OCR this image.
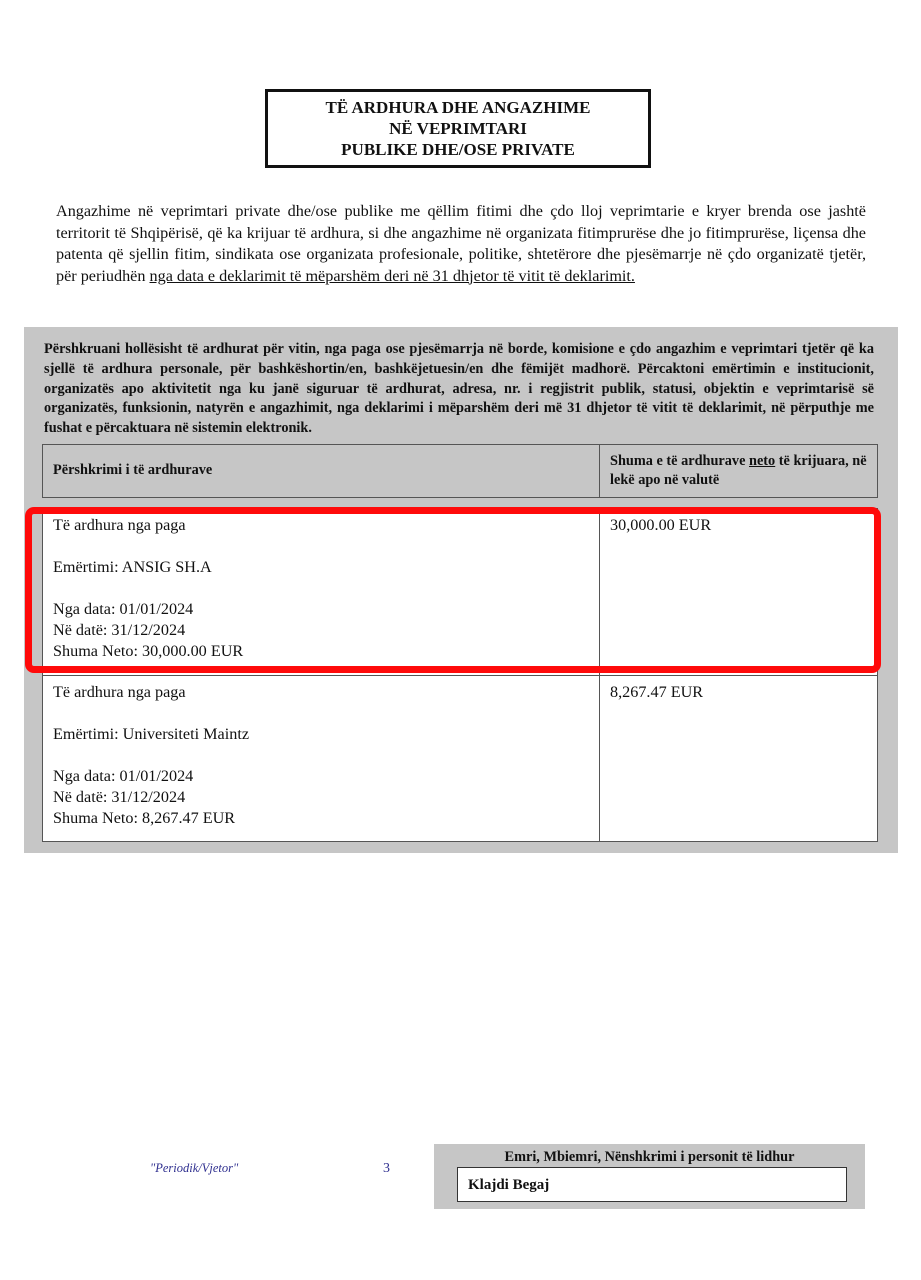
TË ARDHURA DHE ANGAZHIME
NË VEPRIMTARI
PUBLIKE DHE/OSE PRIVATE

Angazhime në veprimtari private dhe/ose publike me qëllim fitimi dhe çdo lloj veprimtarie e kryer brenda ose jashtë territorit të Shqipërisë, që ka krijuar të ardhura, si dhe angazhime në organizata fitimprurëse dhe jo fitimprurëse, liçensa dhe patenta që sjellin fitim, sindikata ose organizata profesionale, politike, shtetërore dhe pjesëmarrje në çdo organizatë tjetër, për periudhën nga data e deklarimit të mëparshëm deri në 31 dhjetor të vitit të deklarimit.

Përshkruani hollësisht të ardhurat për vitin, nga paga ose pjesëmarrja në borde, komisione e çdo angazhim e veprimtari tjetër që ka sjellë të ardhura personale, për bashkëshortin/en, bashkëjetuesin/en dhe fëmijët madhorë. Përcaktoni emërtimin e institucionit, organizatës apo aktivitetit nga ku janë siguruar të ardhurat, adresa, nr. i regjistrit publik, statusi, objektin e veprimtarisë së organizatës, funksionin, natyrën e angazhimit, nga deklarimi i mëparshëm deri më 31 dhjetor të vitit të deklarimit, në përputhje me fushat e përcaktuara në sistemin elektronik.

Përshkrimi i të ardhurave
Shuma e të ardhurave neto të krijuara, në lekë apo në valutë

Të ardhura nga paga

Emërtimi: ANSIG SH.A

Nga data: 01/01/2024

Në datë: 31/12/2024

Shuma Neto: 30,000.00 EUR

30,000.00 EUR

Të ardhura nga paga

Emërtimi: Universiteti Maintz

Nga data: 01/01/2024

Në datë: 31/12/2024

Shuma Neto: 8,267.47 EUR

8,267.47 EUR
"Periodik/Vjetor"	3
Emri, Mbiemri, Nënshkrimi i personit të lidhur
Klajdi Begaj
